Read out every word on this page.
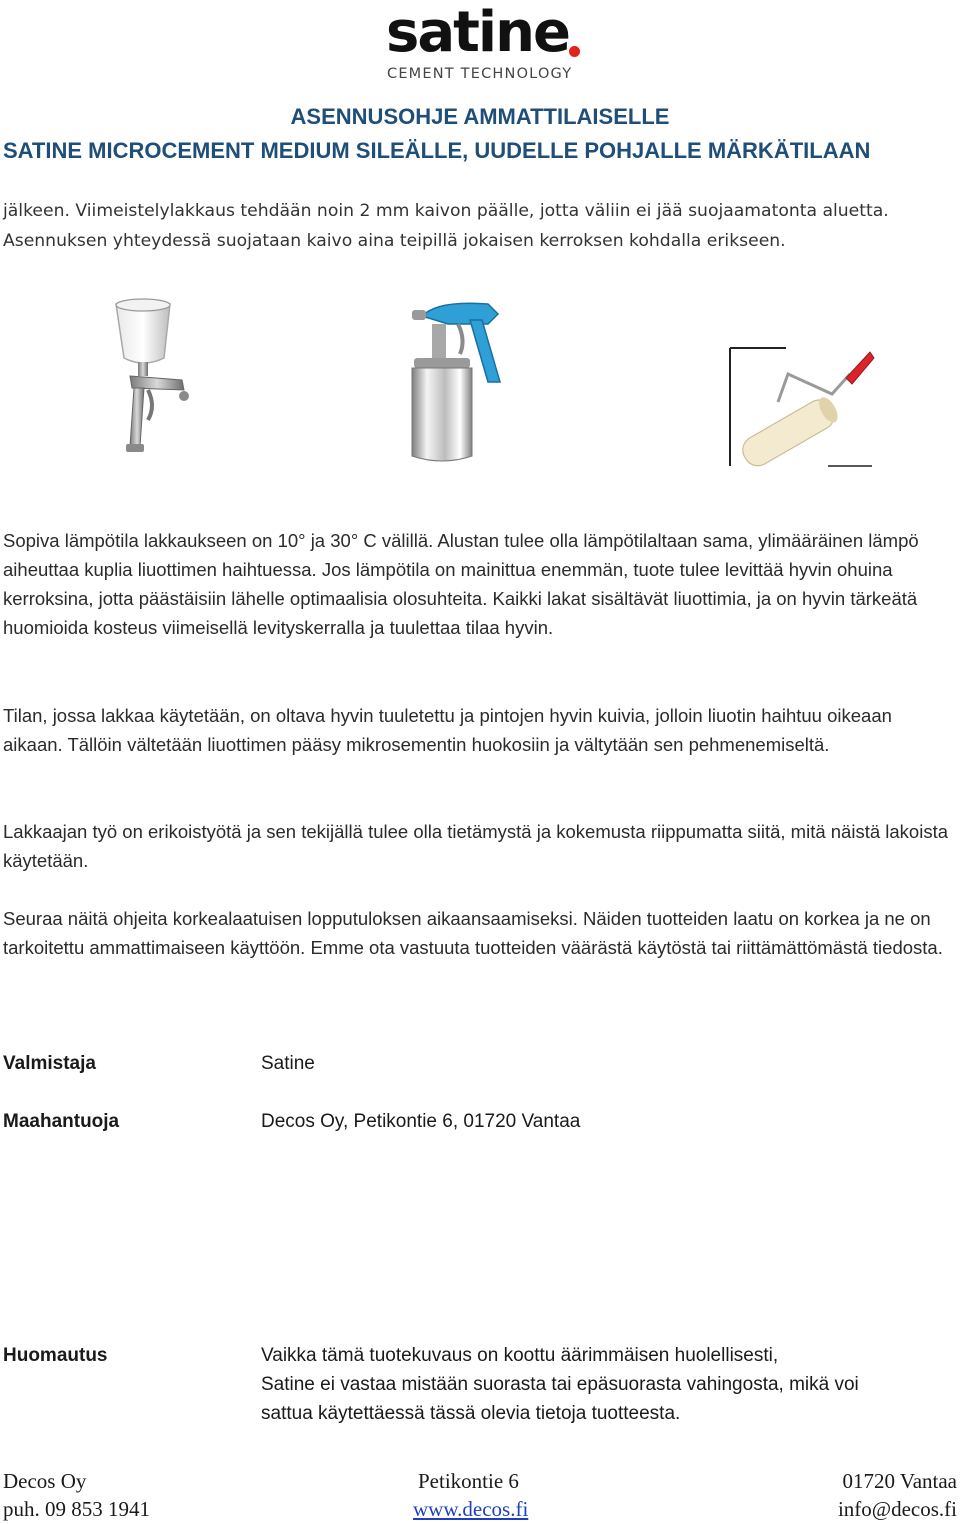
satine
CEMENT TECHNOLOGY
ASENNUSOHJE AMMATTILAISELLE
SATINE MICROCEMENT MEDIUM SILEÄLLE, UUDELLE POHJALLE MÄRKÄTILAAN
jälkeen. Viimeistelylakkaus tehdään noin 2 mm kaivon päälle, jotta väliin ei jää suojaamatonta aluetta. Asennuksen yhteydessä suojataan kaivo aina teipillä jokaisen kerroksen kohdalla erikseen.
Sopiva lämpötila lakkaukseen on 10° ja 30° C välillä. Alustan tulee olla lämpötilaltaan sama, ylimääräinen lämpö aiheuttaa kuplia liuottimen haihtuessa. Jos lämpötila on mainittua enemmän, tuote tulee levittää hyvin ohuina kerroksina, jotta päästäisiin lähelle optimaalisia olosuhteita. Kaikki lakat sisältävät liuottimia, ja on hyvin tärkeätä huomioida kosteus viimeisellä levityskerralla ja tuulettaa tilaa hyvin.
Tilan, jossa lakkaa käytetään, on oltava hyvin tuuletettu ja pintojen hyvin kuivia, jolloin liuotin haihtuu oikeaan aikaan. Tällöin vältetään liuottimen pääsy mikrosementin huokosiin ja vältytään sen pehmenemiseltä.
Lakkaajan työ on erikoistyötä ja sen tekijällä tulee olla tietämystä ja kokemusta riippumatta siitä, mitä näistä lakoista käytetään.
Seuraa näitä ohjeita korkealaatuisen lopputuloksen aikaansaamiseksi. Näiden tuotteiden laatu on korkea ja ne on tarkoitettu ammattimaiseen käyttöön. Emme ota vastuuta tuotteiden väärästä käytöstä tai riittämättömästä tiedosta.
Valmistaja	Satine
Maahantuoja	Decos Oy, Petikontie 6, 01720 Vantaa
Huomautus	Vaikka tämä tuotekuvaus on koottu äärimmäisen huolellisesti,
Satine ei vastaa mistään suorasta tai epäsuorasta vahingosta, mikä voi
sattua käytettäessä tässä olevia tietoja tuotteesta.
Decos Oy
puh. 09 853 1941
Petikontie 6
www.decos.fi
01720 Vantaa
info@decos.fi
